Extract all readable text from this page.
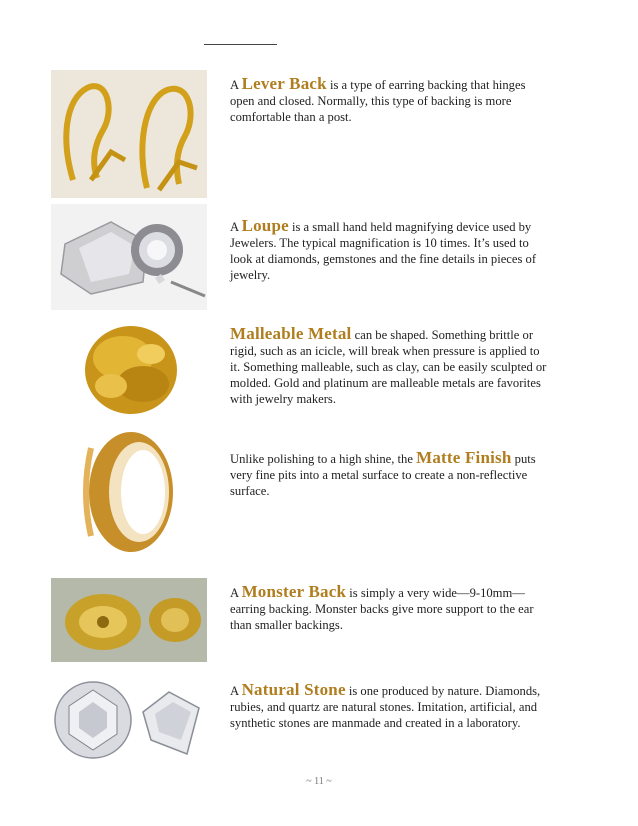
A Lever Back is a type of earring backing that hinges open and closed. Normally, this type of backing is more comfortable than a post.

A Loupe is a small hand held magnifying device used by Jewelers. The typical magnification is 10 times. It’s used to look at diamonds, gemstones and the fine details in pieces of jewelry.

Malleable Metal can be shaped. Something brittle or rigid, such as an icicle, will break when pressure is applied to it. Something malleable, such as clay, can be easily sculpted or molded. Gold and platinum are malleable metals are favorites with jewelry makers.

Unlike polishing to a high shine, the Matte Finish puts very fine pits into a metal surface to create a non-reflective surface.

A Monster Back is simply a very wide—9-10mm—earring backing. Monster backs give more support to the ear than smaller backings.

A Natural Stone is one produced by nature. Diamonds, rubies, and quartz are natural stones. Imitation, artificial, and synthetic stones are manmade and created in a laboratory.

~ 11 ~
